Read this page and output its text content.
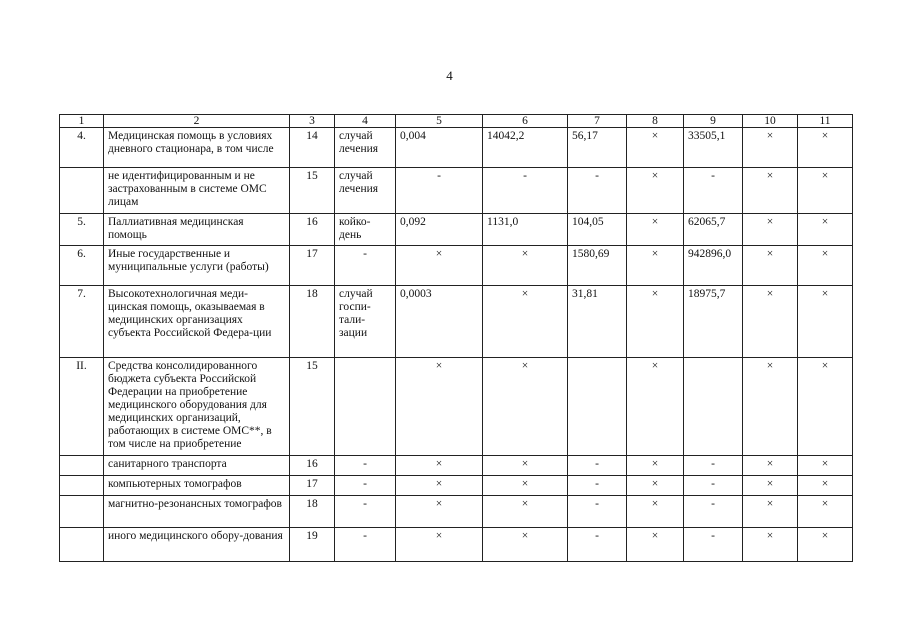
4
1	2	3	4	5	6	7	8	9	10	11
4.	Медицинская помощь в условиях дневного стационара, в том числе	14	случай лечения	0,004	14042,2	56,17	×	33505,1	×	×
	не идентифицированным и не застрахованным в системе ОМС лицам	15	случай лечения	-	-	-	×	-	×	×
5.	Паллиативная медицинская помощь	16	койко-день	0,092	1131,0	104,05	×	62065,7	×	×
6.	Иные государственные и муниципальные услуги (работы)	17	-	×	×	1580,69	×	942896,0	×	×
7.	Высокотехнологичная меди-цинская помощь, оказываемая в медицинских организациях субъекта Российской Федера-ции	18	случай госпи-тали-зации	0,0003	×	31,81	×	18975,7	×	×
II.	Средства консолидированного бюджета субъекта Российской Федерации на приобретение медицинского оборудования для медицинских организаций, работающих в системе ОМС**, в том числе на приобретение	15		×	×		×		×	×
	санитарного транспорта	16	-	×	×	-	×	-	×	×
	компьютерных томографов	17	-	×	×	-	×	-	×	×
	магнитно-резонансных томографов	18	-	×	×	-	×	-	×	×
	иного медицинского обору-дования	19	-	×	×	-	×	-	×	×
